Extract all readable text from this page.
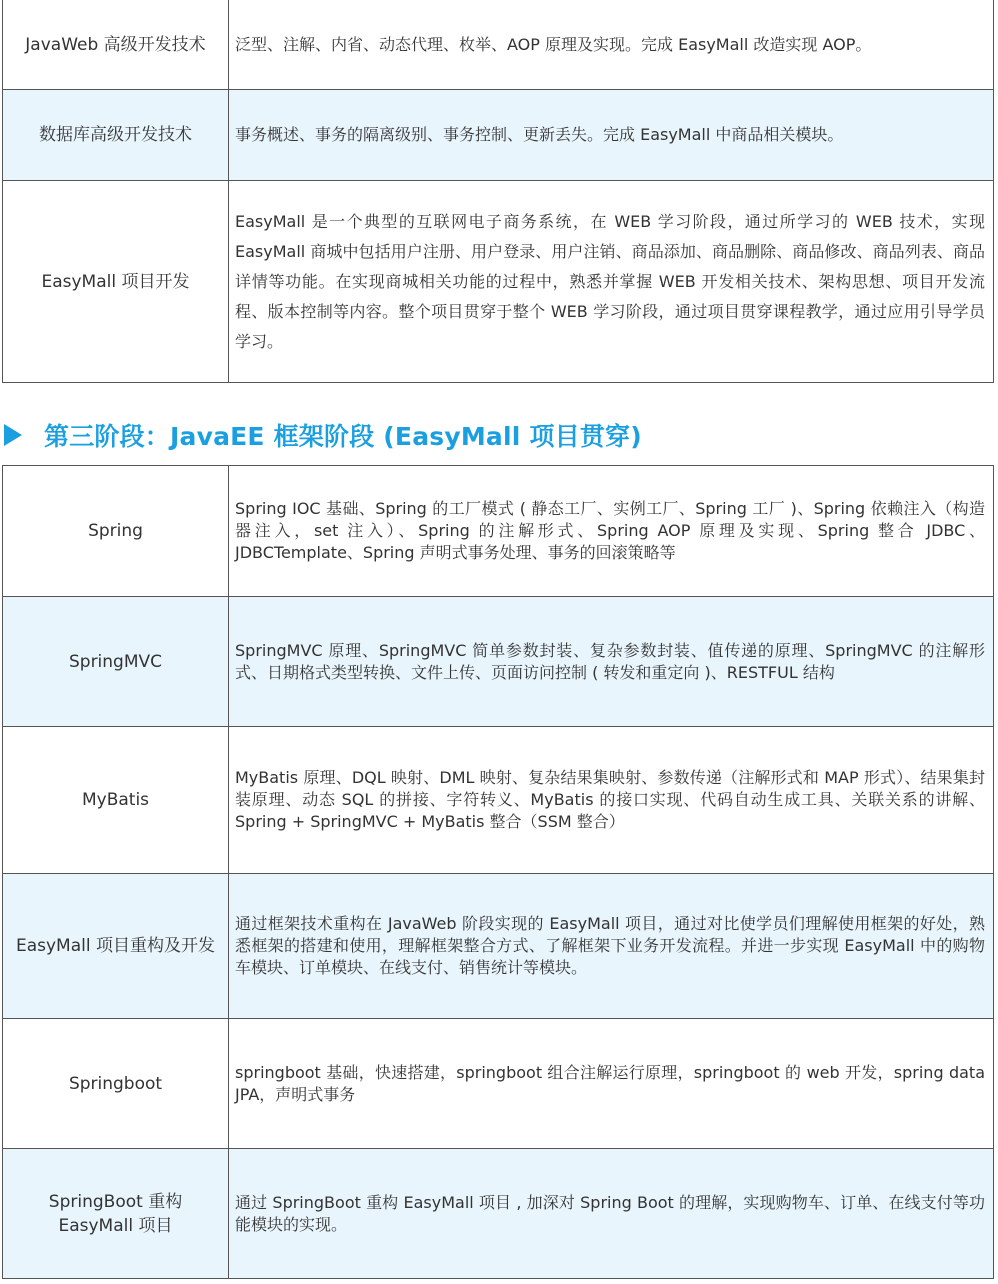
JavaWeb 高级开发技术	泛型、注解、内省、动态代理、枚举、AOP 原理及实现。完成 EasyMall 改造实现 AOP。
数据库高级开发技术	事务概述、事务的隔离级别、事务控制、更新丢失。完成 EasyMall 中商品相关模块。
EasyMall 项目开发	EasyMall 是一个典型的互联网电子商务系统，在 WEB 学习阶段，通过所学习的 WEB 技术，实现 EasyMall 商城中包括用户注册、用户登录、用户注销、商品添加、商品删除、商品修改、商品列表、商品详情等功能。在实现商城相关功能的过程中，熟悉并掌握 WEB 开发相关技术、架构思想、项目开发流程、版本控制等内容。整个项目贯穿于整个 WEB 学习阶段，通过项目贯穿课程教学，通过应用引导学员学习。
第三阶段：JavaEE 框架阶段 (EasyMall 项目贯穿)
Spring	Spring IOC 基础、Spring 的工厂模式 ( 静态工厂、实例工厂、Spring 工厂 )、Spring 依赖注入（构造器注入，set 注入）、Spring 的注解形式、Spring AOP 原理及实现、Spring 整合 JDBC、JDBCTemplate、Spring 声明式事务处理、事务的回滚策略等
SpringMVC	SpringMVC 原理、SpringMVC 简单参数封装、复杂参数封装、值传递的原理、SpringMVC 的注解形式、日期格式类型转换、文件上传、页面访问控制 ( 转发和重定向 )、RESTFUL 结构
MyBatis	MyBatis 原理、DQL 映射、DML 映射、复杂结果集映射、参数传递（注解形式和 MAP 形式）、结果集封装原理、动态 SQL 的拼接、字符转义、MyBatis 的接口实现、代码自动生成工具、关联关系的讲解、Spring + SpringMVC + MyBatis 整合（SSM 整合）
EasyMall 项目重构及开发	通过框架技术重构在 JavaWeb 阶段实现的 EasyMall 项目，通过对比使学员们理解使用框架的好处，熟悉框架的搭建和使用，理解框架整合方式、了解框架下业务开发流程。并进一步实现 EasyMall 中的购物车模块、订单模块、在线支付、销售统计等模块。
Springboot	springboot 基础，快速搭建，springboot 组合注解运行原理，springboot 的 web 开发，spring data JPA，声明式事务
SpringBoot 重构 EasyMall 项目	通过 SpringBoot 重构 EasyMall 项目 , 加深对 Spring Boot 的理解，实现购物车、订单、在线支付等功能模块的实现。
